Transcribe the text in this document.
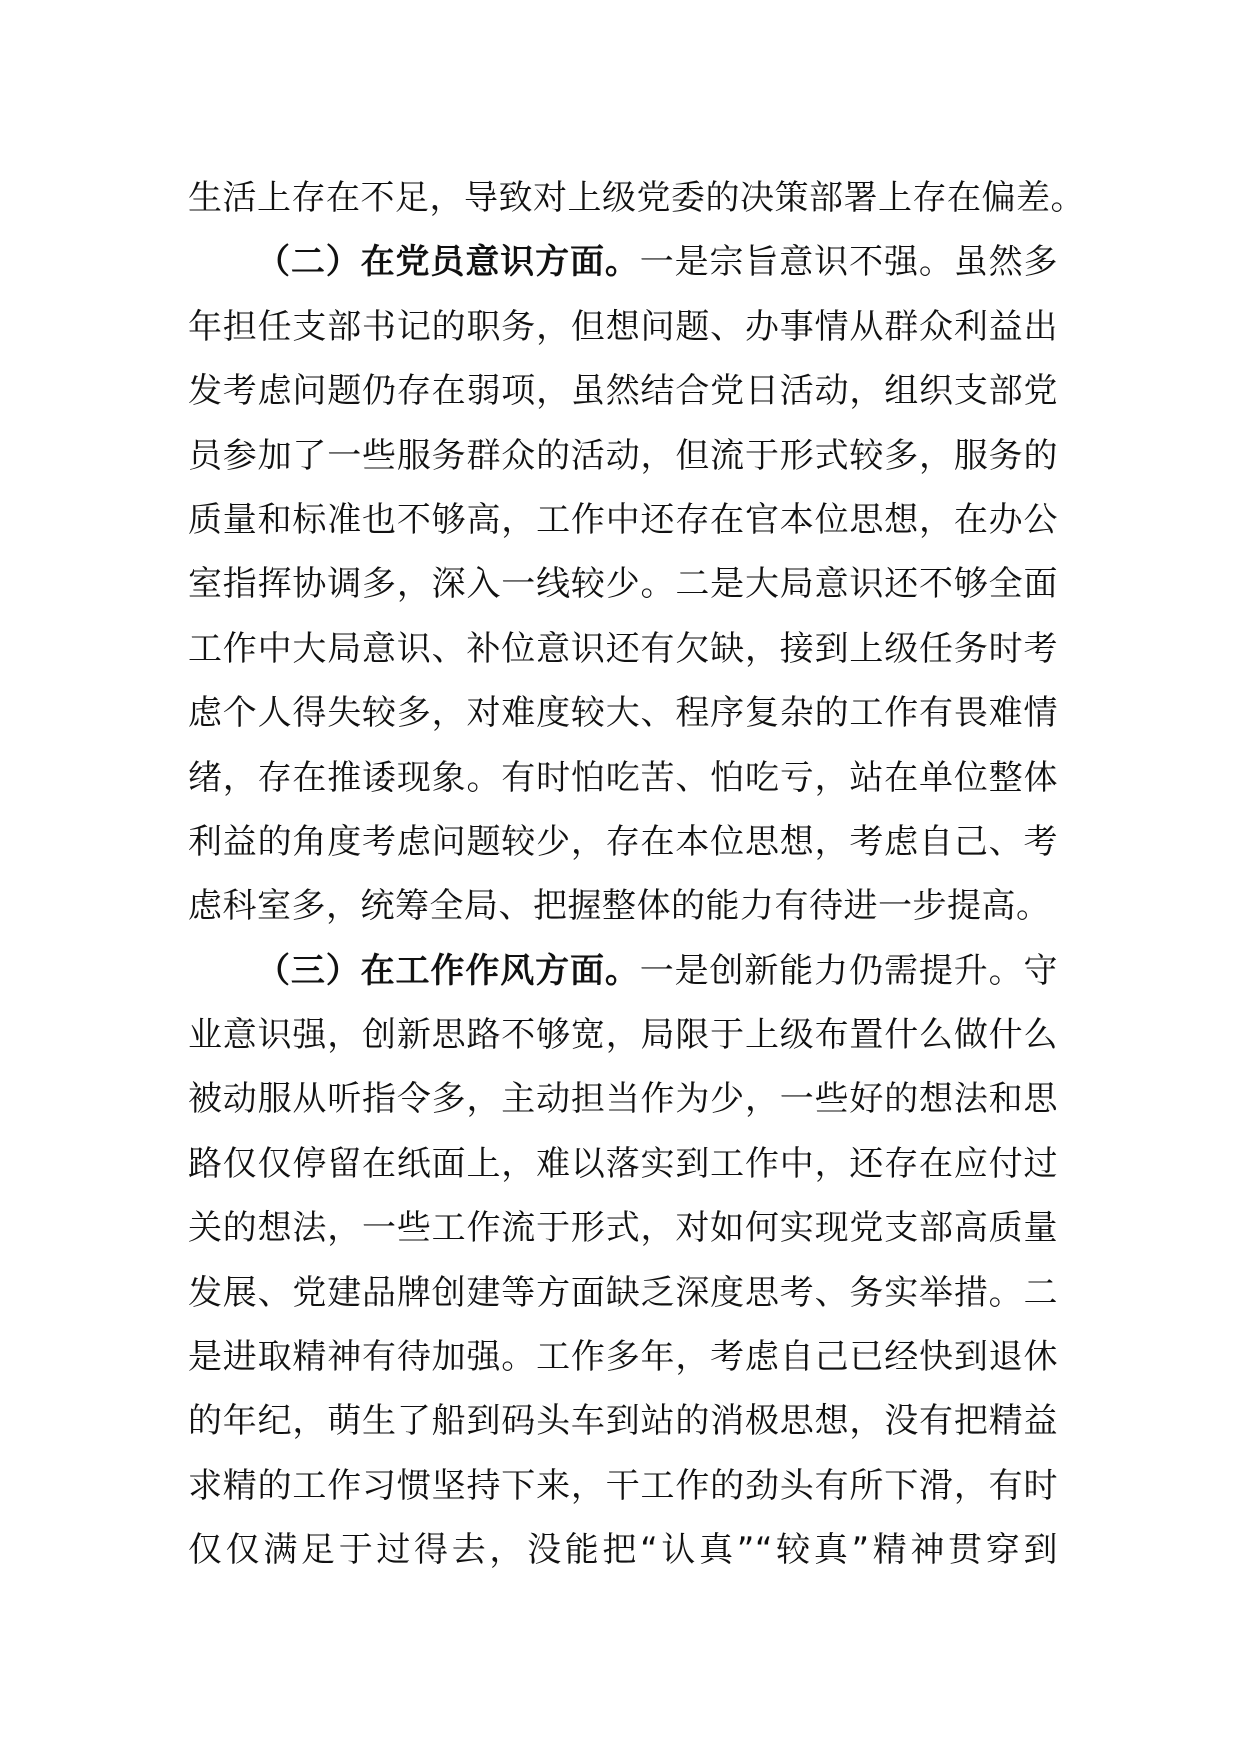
生活上存在不足，导致对上级党委的决策部署上存在偏差。
（二）在党员意识方面。一是宗旨意识不强。虽然多
年担任支部书记的职务，但想问题、办事情从群众利益出
发考虑问题仍存在弱项，虽然结合党日活动，组织支部党
员参加了一些服务群众的活动，但流于形式较多，服务的
质量和标准也不够高，工作中还存在官本位思想，在办公
室指挥协调多，深入一线较少。二是大局意识还不够全面
工作中大局意识、补位意识还有欠缺，接到上级任务时考
虑个人得失较多，对难度较大、程序复杂的工作有畏难情
绪，存在推诿现象。有时怕吃苦、怕吃亏，站在单位整体
利益的角度考虑问题较少，存在本位思想，考虑自己、考
虑科室多，统筹全局、把握整体的能力有待进一步提高。
（三）在工作作风方面。一是创新能力仍需提升。守
业意识强，创新思路不够宽，局限于上级布置什么做什么
被动服从听指令多，主动担当作为少，一些好的想法和思
路仅仅停留在纸面上，难以落实到工作中，还存在应付过
关的想法，一些工作流于形式，对如何实现党支部高质量
发展、党建品牌创建等方面缺乏深度思考、务实举措。二
是进取精神有待加强。工作多年，考虑自己已经快到退休
的年纪，萌生了船到码头车到站的消极思想，没有把精益
求精的工作习惯坚持下来，干工作的劲头有所下滑，有时
仅仅满足于过得去，没能把“认真”“较真”精神贯穿到
